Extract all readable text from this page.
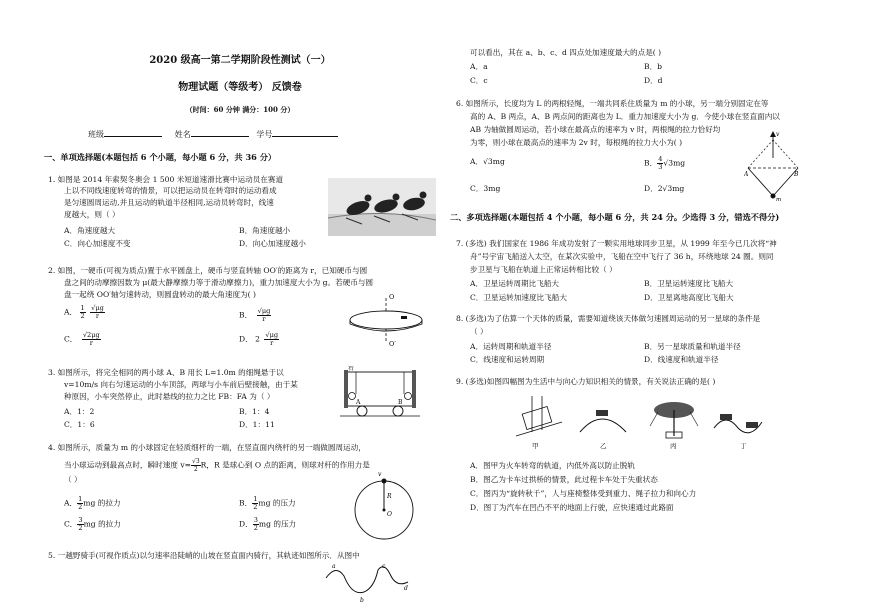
2020 级高一第二学期阶段性测试（一）
物理试题（等级考） 反馈卷
（时间：60 分钟 满分：100 分）
班级	姓名	学号
一、单项选择题(本题包括 6 个小题，每小题 6 分，共 36 分）
1. 如图是 2014 年索契冬奥会 1 500 米短道速滑比赛中运动员在赛道
上以不同线速度转弯的情景，可以把运动员在转弯时的运动看成
是匀速圆周运动,并且运动的轨道半径相同,运动员转弯时，线速
度越大，则（ ）
A．角速度越大	B．角速度越小
C．向心加速度不变	D．向心加速度越小
2. 如图，一硬币(可视为质点)置于水平圆盘上，硬币与竖直转轴 OO′的距离为 r，已知硬币与圆
盘之间的动摩擦因数为 μ(最大静摩擦力等于滑动摩擦力)，重力加速度大小为 g。若硬币与圆
盘一起绕 OO′轴匀速转动，则圆盘转动的最大角速度为( )
A． $\frac{1}{2}$
$\frac{√\mu g}{r}$	B． $\frac{√\mu g}{r}$
C． $\frac{√2\mu g}{r}$	D． $2 \frac{√\mu g}{r}$
O
O′
3. 如图所示，将完全相同的两小球 A、B 用长 L=1.0m 的细绳悬于以
v=10m/s 向右匀速运动的小车顶部，两球与小车前后壁接触，由于某
种原因，小车突然停止，此时悬线的拉力之比 FB：FA 为（ ）
A．1：2	B．1：4
C．1：6	D．1：11
右
A	B
4. 如图所示，质量为 m 的小球固定在轻质细杆的一端，在竖直面内绕杆的另一端做圆周运动，
当小球运动到最高点时，瞬时速度 $v= \frac{√3}{2}$ R，R 是球心到 O 点的距离，则球对杆的作用力是
（ ）
A． $\frac{1}{2}$ mg 的拉力	B． $\frac{1}{2}$ mg 的压力
C． $\frac{3}{2}$ mg 的拉力	D． $\frac{3}{2}$ mg 的压力
v
R
O
5. 一越野骑手(可视作质点)以匀速率沿陡峭的山坡在竖直面内骑行，其轨迹如图所示．从图中
a
b
c
d
可以看出，其在 a、b、c、d 四点处加速度最大的点是( )
A．a	B．b
C．c	D．d
6. 如图所示，长度均为 L 的两根轻绳，一端共同系住质量为 m 的小球，另一端分别固定在等
高的 A、B 两点，A、B 两点间的距离也为 L．重力加速度大小为 g．今使小球在竖直面内以
AB 为轴做圆周运动，若小球在最高点的速率为 v 时，两根绳的拉力恰好均
为零，则小球在最高点的速率为 2v 时，每根绳的拉力大小为( )
A．√3mg	B． $\frac{4}{3} √3mg$
C．3mg	D．2√3mg
v
A	B
m
二、多项选择题(本题包括 4 个小题，每小题 6 分，共 24 分。少选得 3 分，错选不得分)
7. (多选) 我们国家在 1986 年成功发射了一颗实用地球同步卫星，从 1999 年至今已几次将“神
舟”号宇宙飞船送入太空，在某次实验中，飞船在空中飞行了 36 h，环绕地球 24 圈。则同
步卫星与飞船在轨道上正常运转相比较（ ）
A．卫星运转周期比飞船大	B．卫星运转速度比飞船大
C．卫星运转加速度比飞船大	D．卫星离地高度比飞船大
8. (多选)为了估算一个天体的质量，需要知道绕该天体做匀速圆周运动的另一星球的条件是
（ ）
A．运转周期和轨道半径	B．另一星球质量和轨道半径
C．线速度和运转周期	D．线速度和轨道半径
9. (多选)如图四幅图为生活中与向心力知识相关的情景，有关说法正确的是( )
甲	乙	丙	丁
A．图甲为火车转弯的轨道，内低外高以防止脱轨
B．图乙为卡车过拱桥的情景，此过程卡车处于失重状态
C．图丙为“旋转秋千”，人与座椅整体受到重力、绳子拉力和向心力
D．图丁为汽车在凹凸不平的地面上行驶，应快速通过此路面
